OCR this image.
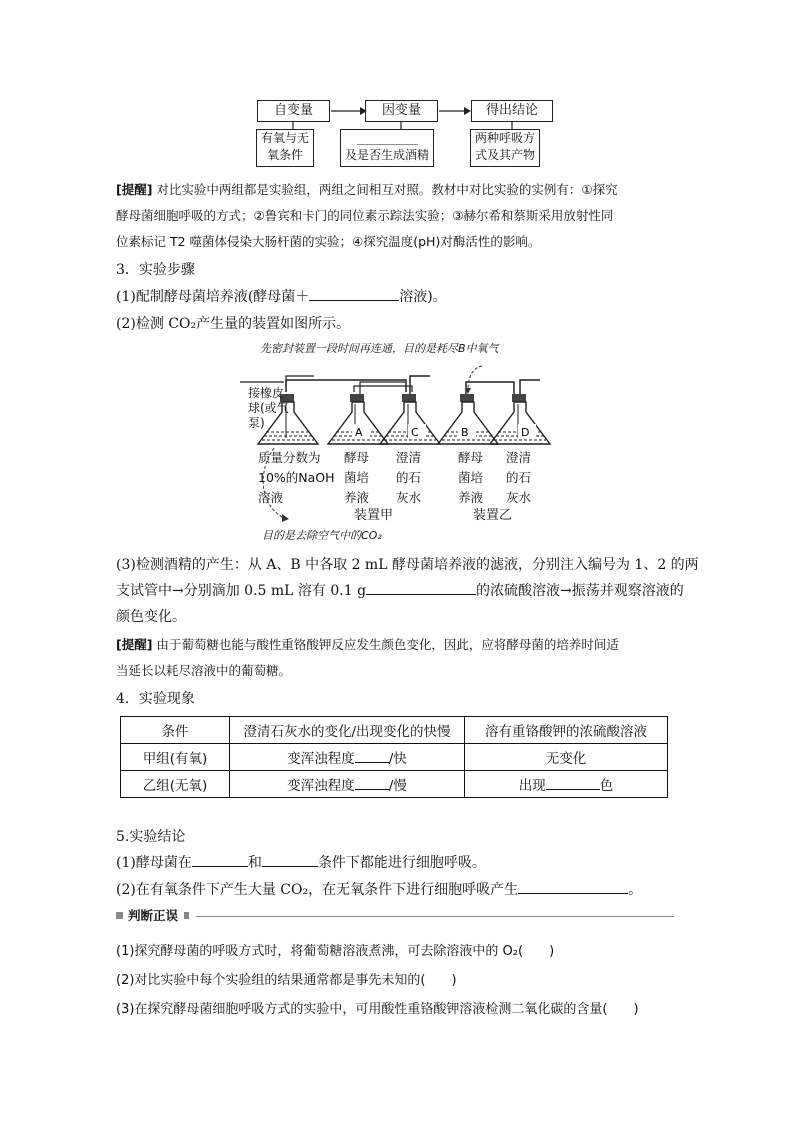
自变量	因变量	得出结论
有氧与无
氧条件
____________
及是否生成酒精
两种呼吸方
式及其产物
[提醒] 对比实验中两组都是实验组，两组之间相互对照。教材中对比实验的实例有：①探究
酵母菌细胞呼吸的方式；②鲁宾和卡门的同位素示踪法实验；③赫尔希和蔡斯采用放射性同
位素标记 T2 噬菌体侵染大肠杆菌的实验；④探究温度(pH)对酶活性的影响。
3．实验步骤
(1)配制酵母菌培养液(酵母菌＋	溶液)。
(2)检测 CO₂产生量的装置如图所示。
A	C	B	D
先密封装置一段时间再连通，目的是耗尽B中氧气
接橡皮
球(或气
泵)
质量分数为
10%的NaOH
溶液
酵母
菌培
养液
澄清
的石
灰水
酵母
菌培
养液
澄清
的石
灰水
装置甲	装置乙
目的是去除空气中的CO₂
(3)检测酒精的产生：从 A、B 中各取 2 mL 酵母菌培养液的滤液，分别注入编号为 1、2 的两
支试管中→分别滴加 0.5 mL 溶有 0.1 g	的浓硫酸溶液→振荡并观察溶液的
颜色变化。
[提醒] 由于葡萄糖也能与酸性重铬酸钾反应发生颜色变化，因此，应将酵母菌的培养时间适
当延长以耗尽溶液中的葡萄糖。
4．实验现象
条件	澄清石灰水的变化/出现变化的快慢	溶有重铬酸钾的浓硫酸溶液
甲组(有氧)	变浑浊程度 /快	无变化
乙组(无氧)	变浑浊程度 /慢	出现 色
5.实验结论
(1)酵母菌在	和	条件下都能进行细胞呼吸。
(2)在有氧条件下产生大量 CO₂，在无氧条件下进行细胞呼吸产生	。
判断正误
(1)探究酵母菌的呼吸方式时，将葡萄糖溶液煮沸，可去除溶液中的 O₂(　　)
(2)对比实验中每个实验组的结果通常都是事先未知的(　　)
(3)在探究酵母菌细胞呼吸方式的实验中，可用酸性重铬酸钾溶液检测二氧化碳的含量(　　)
